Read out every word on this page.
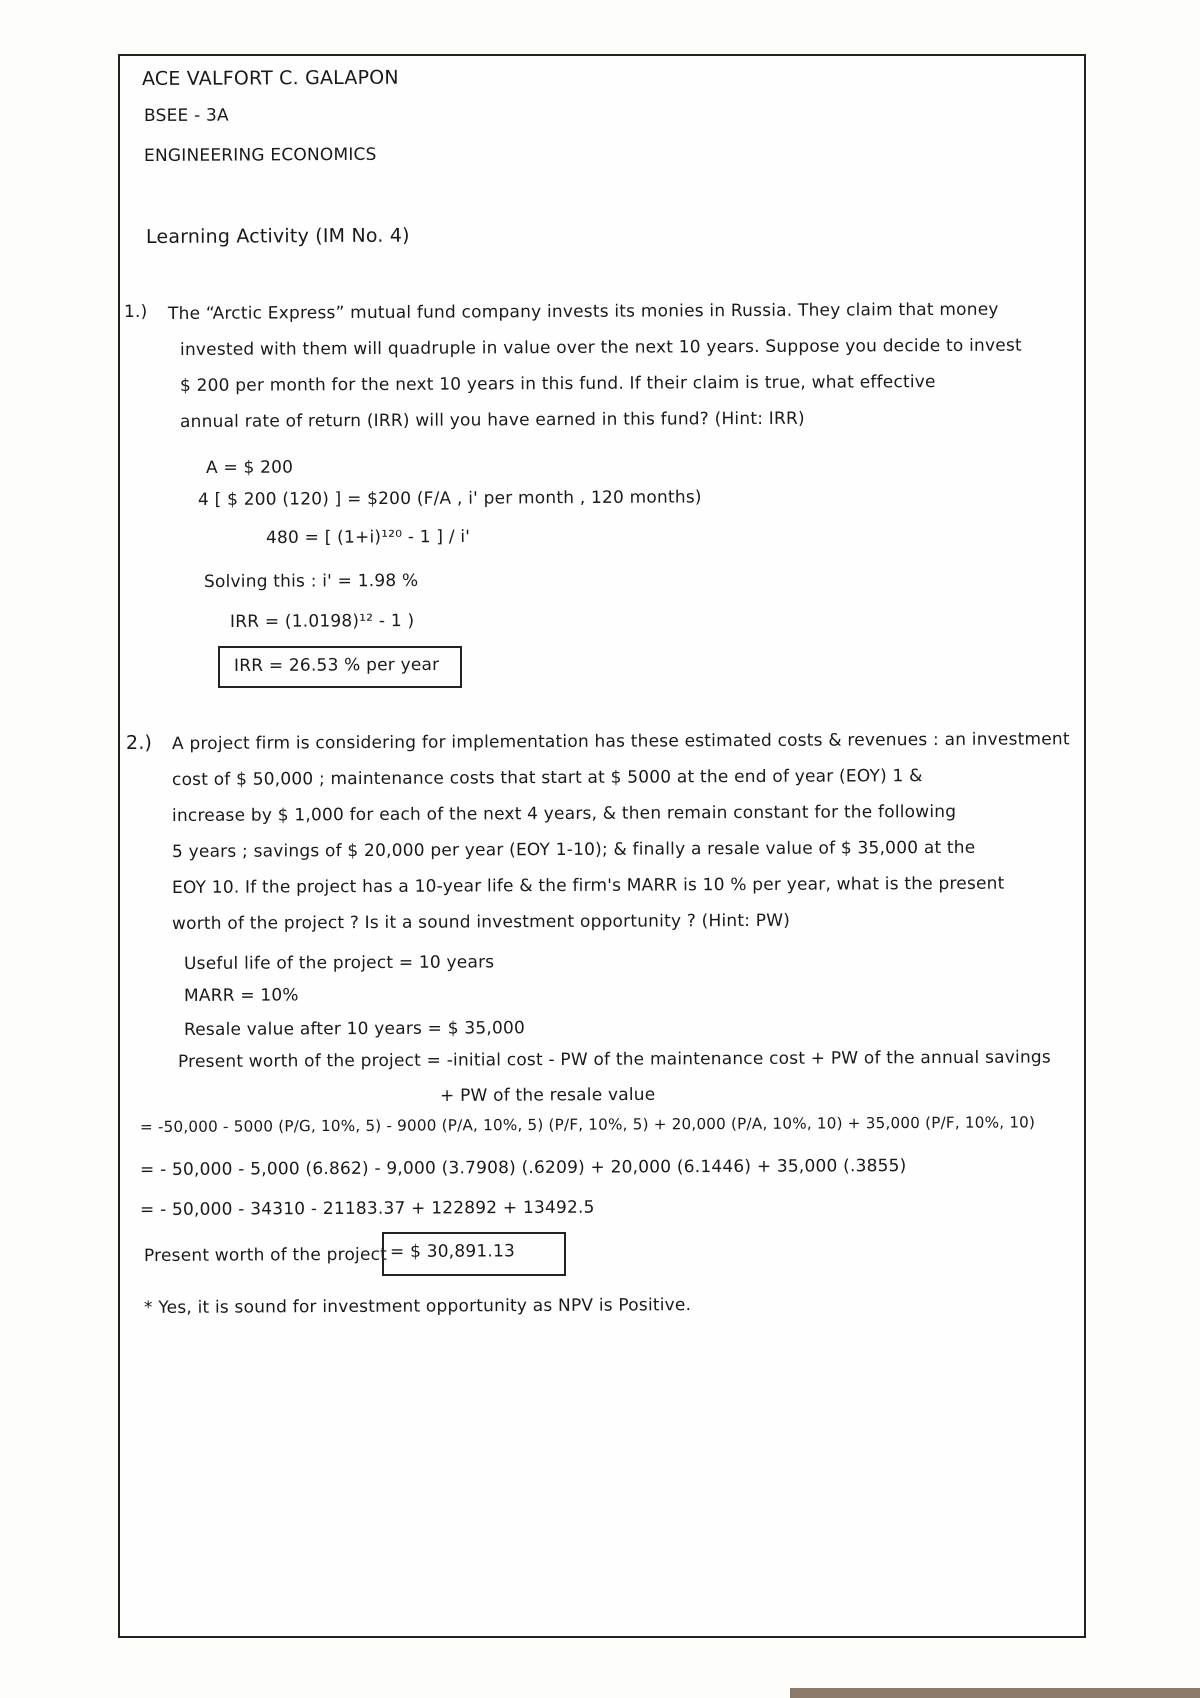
ACE VALFORT C. GALAPON
BSEE - 3A
ENGINEERING ECONOMICS
Learning Activity (IM No. 4)
1.) The “Arctic Express” mutual fund company invests its monies in Russia. They claim that money
invested with them will quadruple in value over the next 10 years. Suppose you decide to invest
$ 200 per month for the next 10 years in this fund. If their claim is true, what effective
annual rate of return (IRR) will you have earned in this fund? (Hint: IRR)
A = $ 200
4 [ $ 200 (120) ] = $200 (F/A , i' per month , 120 months)
480 = [ (1+i)¹²⁰ - 1 ] / i'
Solving this : i' = 1.98 %
IRR = (1.0198)¹² - 1 )
IRR = 26.53 % per year
2.) A project firm is considering for implementation has these estimated costs & revenues : an investment
cost of $ 50,000 ; maintenance costs that start at $ 5000 at the end of year (EOY) 1 &
increase by $ 1,000 for each of the next 4 years, & then remain constant for the following
5 years ; savings of $ 20,000 per year (EOY 1-10); & finally a resale value of $ 35,000 at the
EOY 10. If the project has a 10-year life & the firm's MARR is 10 % per year, what is the present
worth of the project ? Is it a sound investment opportunity ? (Hint: PW)
Useful life of the project = 10 years
MARR = 10%
Resale value after 10 years = $ 35,000
Present worth of the project = -initial cost - PW of the maintenance cost + PW of the annual savings
+ PW of the resale value
= -50,000 - 5000 (P/G, 10%, 5) - 9000 (P/A, 10%, 5) (P/F, 10%, 5) + 20,000 (P/A, 10%, 10) + 35,000 (P/F, 10%, 10)
= - 50,000 - 5,000 (6.862) - 9,000 (3.7908) (.6209) + 20,000 (6.1446) + 35,000 (.3855)
= - 50,000 - 34310 - 21183.37 + 122892 + 13492.5
Present worth of the project = $ 30,891.13
* Yes, it is sound for investment opportunity as NPV is Positive.
